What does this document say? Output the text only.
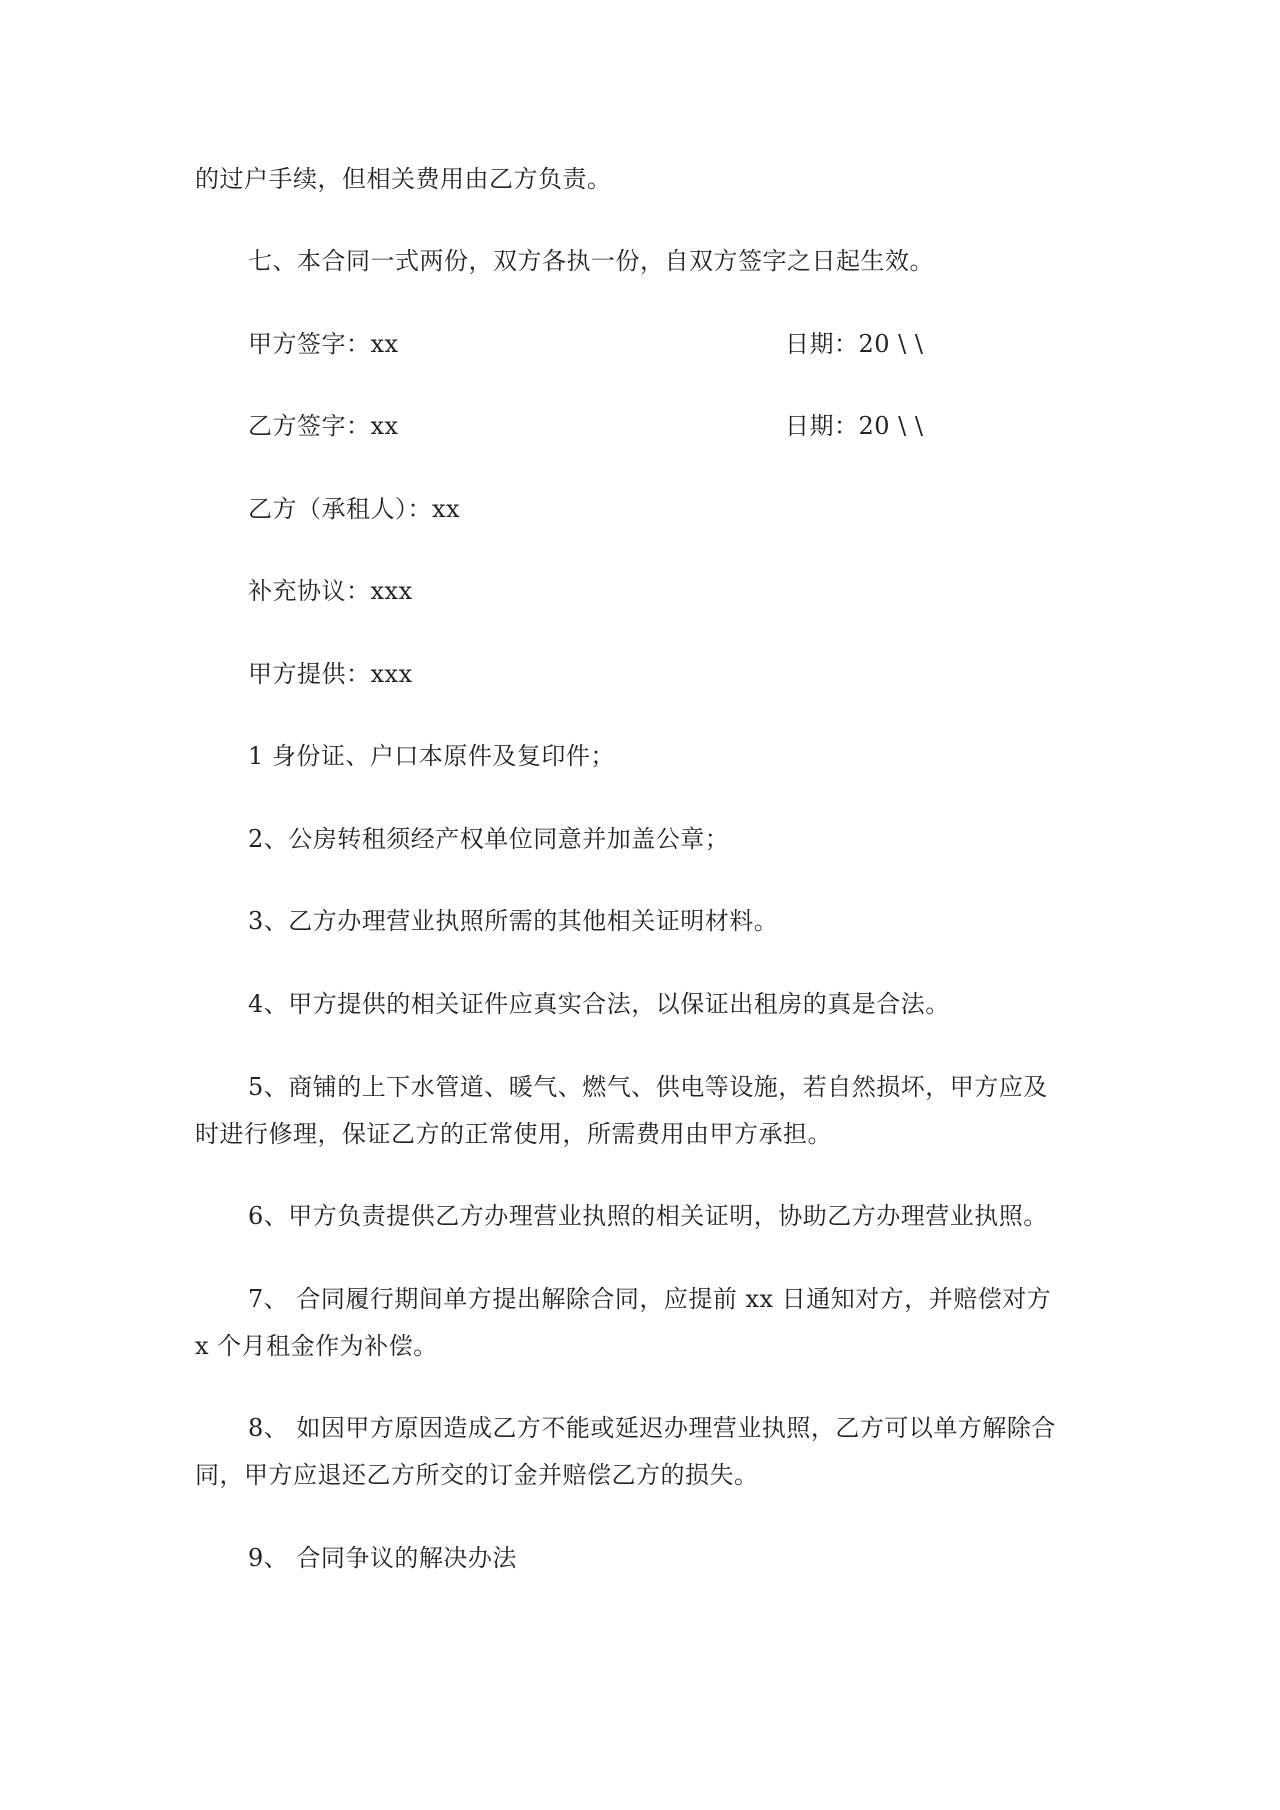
的过户手续，但相关费用由乙方负责。
七、本合同一式两份，双方各执一份，自双方签字之日起生效。
甲方签字：xx	日期：20 \ \
乙方签字：xx	日期：20 \ \
乙方（承租人）：xx
补充协议：xxx
甲方提供：xxx
1 身份证、户口本原件及复印件；
2、公房转租须经产权单位同意并加盖公章；
3、乙方办理营业执照所需的其他相关证明材料。
4、甲方提供的相关证件应真实合法，以保证出租房的真是合法。
5、商铺的上下水管道、暖气、燃气、供电等设施，若自然损坏，甲方应及
时进行修理，保证乙方的正常使用，所需费用由甲方承担。
6、甲方负责提供乙方办理营业执照的相关证明，协助乙方办理营业执照。
7、 合同履行期间单方提出解除合同，应提前 xx 日通知对方，并赔偿对方
x 个月租金作为补偿。
8、 如因甲方原因造成乙方不能或延迟办理营业执照，乙方可以单方解除合
同，甲方应退还乙方所交的订金并赔偿乙方的损失。
9、 合同争议的解决办法
